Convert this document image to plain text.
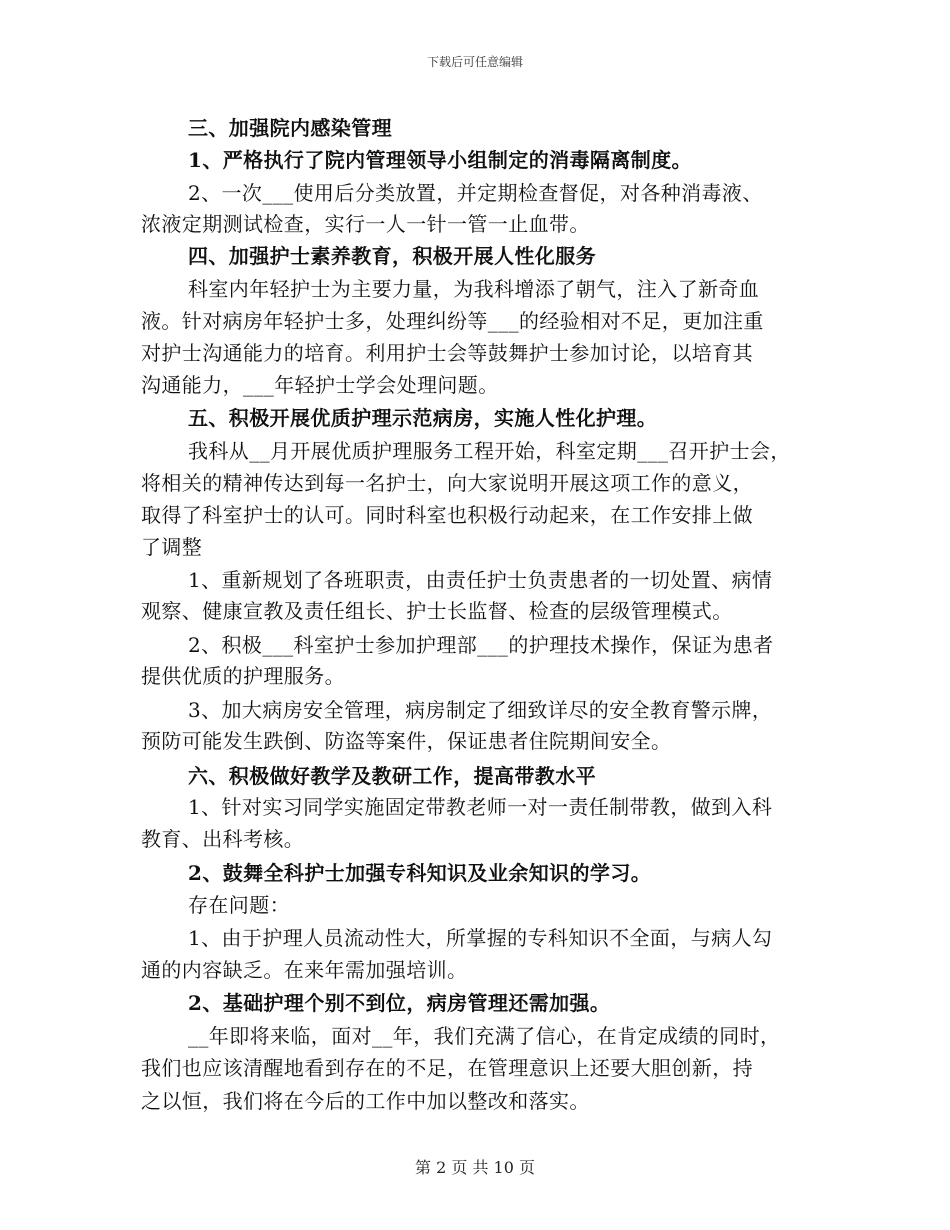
下载后可任意编辑
三、加强院内感染管理
1、严格执行了院内管理领导小组制定的消毒隔离制度。
2、一次___使用后分类放置，并定期检查督促，对各种消毒液、
浓液定期测试检查，实行一人一针一管一止血带。
四、加强护士素养教育，积极开展人性化服务
科室内年轻护士为主要力量，为我科增添了朝气，注入了新奇血
液。针对病房年轻护士多，处理纠纷等___的经验相对不足，更加注重
对护士沟通能力的培育。利用护士会等鼓舞护士参加讨论，以培育其
沟通能力，___年轻护士学会处理问题。
五、积极开展优质护理示范病房，实施人性化护理。
我科从__月开展优质护理服务工程开始，科室定期___召开护士会，
将相关的精神传达到每一名护士，向大家说明开展这项工作的意义，
取得了科室护士的认可。同时科室也积极行动起来，在工作安排上做
了调整
1、重新规划了各班职责，由责任护士负责患者的一切处置、病情
观察、健康宣教及责任组长、护士长监督、检查的层级管理模式。
2、积极___科室护士参加护理部___的护理技术操作，保证为患者
提供优质的护理服务。
3、加大病房安全管理，病房制定了细致详尽的安全教育警示牌，
预防可能发生跌倒、防盗等案件，保证患者住院期间安全。
六、积极做好教学及教研工作，提高带教水平
1、针对实习同学实施固定带教老师一对一责任制带教，做到入科
教育、出科考核。
2、鼓舞全科护士加强专科知识及业余知识的学习。
存在问题：
1、由于护理人员流动性大，所掌握的专科知识不全面，与病人勾
通的内容缺乏。在来年需加强培训。
2、基础护理个别不到位，病房管理还需加强。
__年即将来临，面对__年，我们充满了信心，在肯定成绩的同时，
我们也应该清醒地看到存在的不足，在管理意识上还要大胆创新，持
之以恒，我们将在今后的工作中加以整改和落实。
第 2 页 共 10 页
